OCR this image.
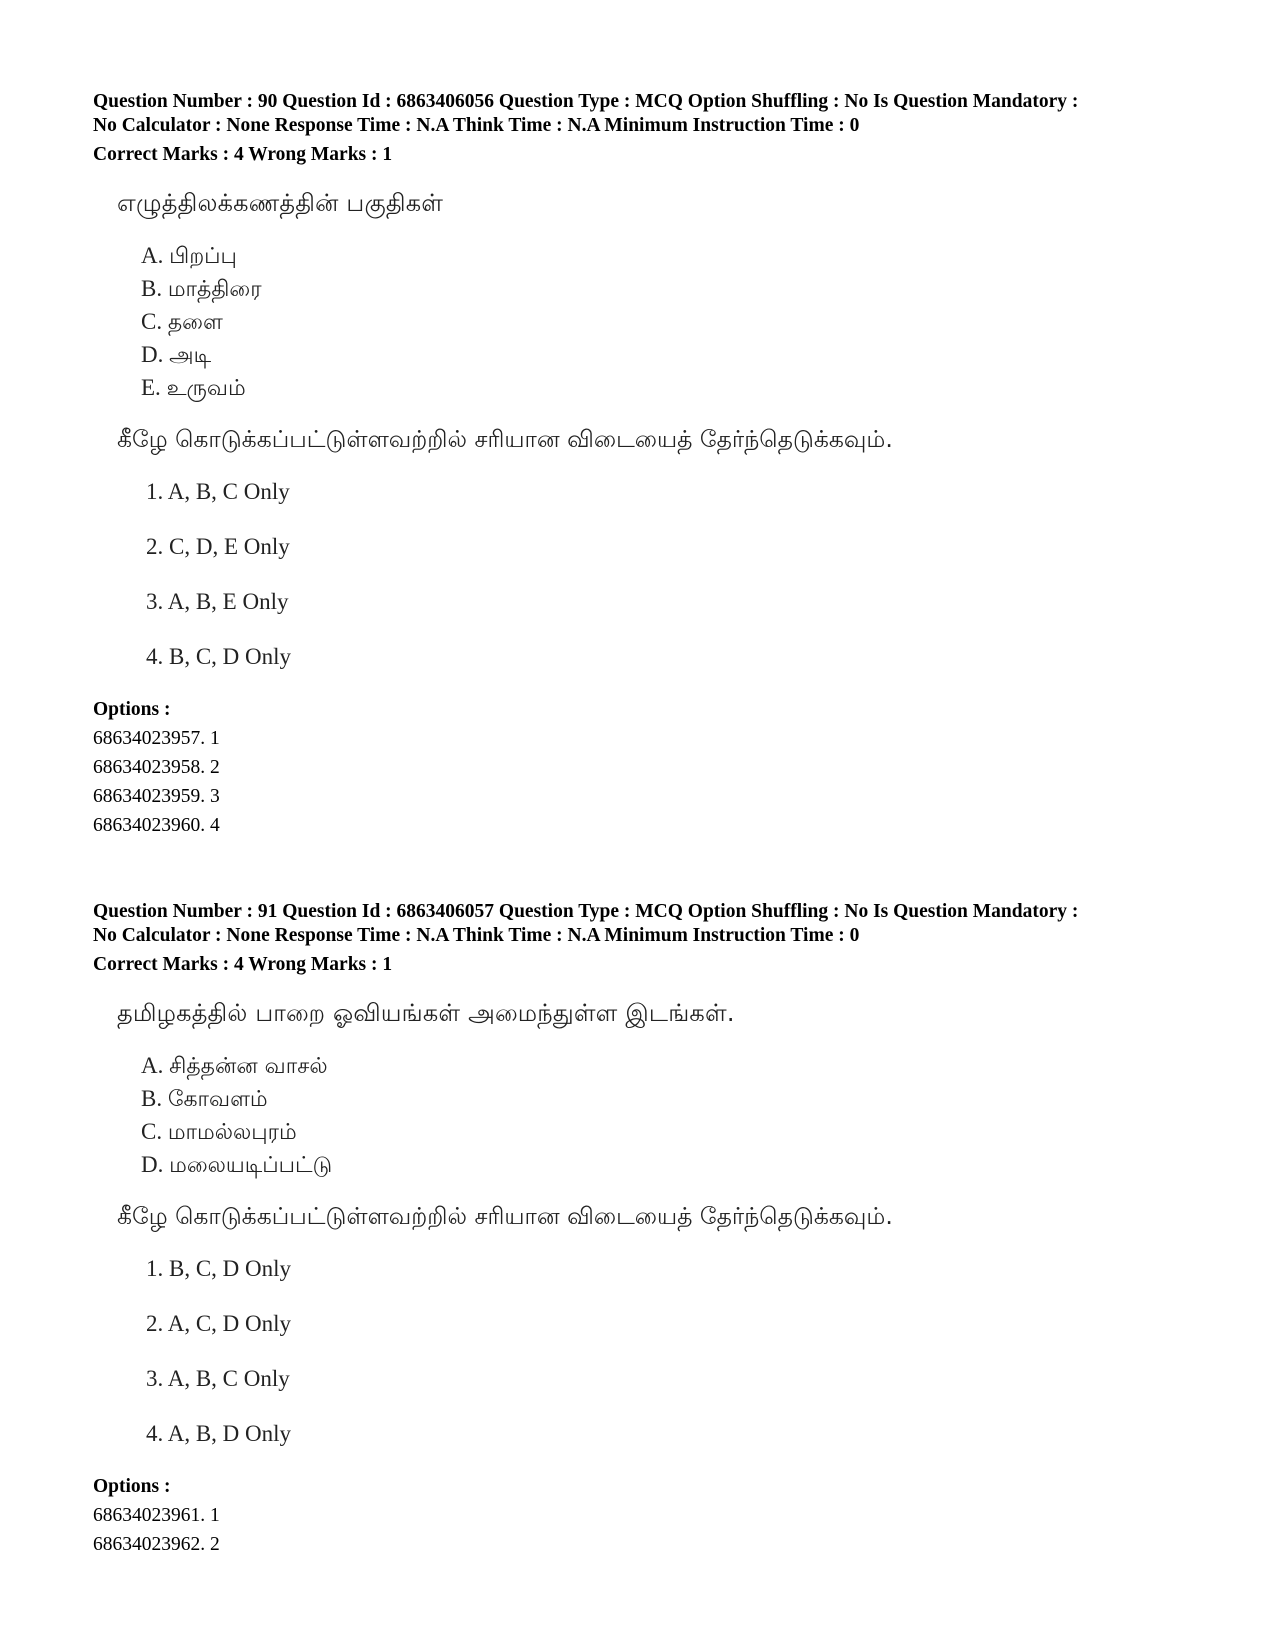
Question Number : 90 Question Id : 6863406056 Question Type : MCQ Option Shuffling : No Is Question Mandatory :

No Calculator : None Response Time : N.A Think Time : N.A Minimum Instruction Time : 0

Correct Marks : 4 Wrong Marks : 1
எழுத்திலக்கணத்தின் பகுதிகள்
A. பிறப்பு
B. மாத்திரை
C. தளை
D. அடி
E. உருவம்
கீழே கொடுக்கப்பட்டுள்ளவற்றில் சரியான விடையைத் தேர்ந்தெடுக்கவும்.
1. A, B, C Only
2. C, D, E Only
3. A, B, E Only
4. B, C, D Only
Options :
68634023957. 1
68634023958. 2
68634023959. 3
68634023960. 4

Question Number : 91 Question Id : 6863406057 Question Type : MCQ Option Shuffling : No Is Question Mandatory :

No Calculator : None Response Time : N.A Think Time : N.A Minimum Instruction Time : 0

Correct Marks : 4 Wrong Marks : 1
தமிழகத்தில் பாறை ஓவியங்கள் அமைந்துள்ள இடங்கள்.
A. சித்தன்ன வாசல்
B. கோவளம்
C. மாமல்லபுரம்
D. மலையடிப்பட்டு
கீழே கொடுக்கப்பட்டுள்ளவற்றில் சரியான விடையைத் தேர்ந்தெடுக்கவும்.
1. B, C, D Only
2. A, C, D Only
3. A, B, C Only
4. A, B, D Only
Options :
68634023961. 1
68634023962. 2
